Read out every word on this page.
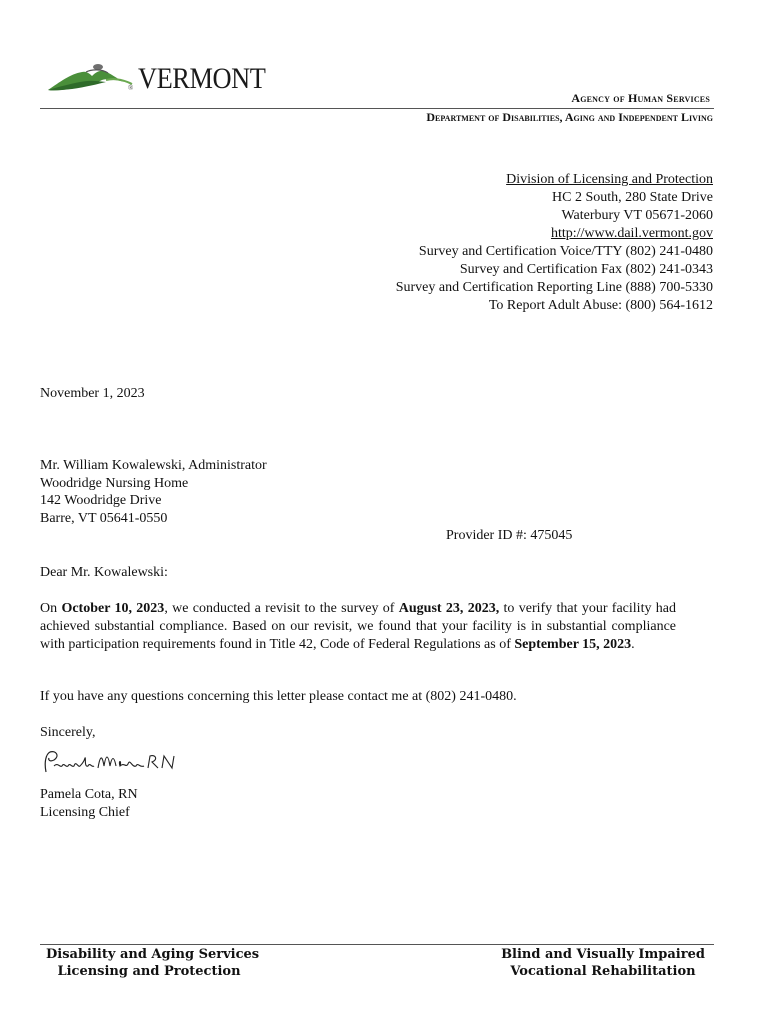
® VERMONT
Agency of Human Services
Department of Disabilities, Aging and Independent Living
Division of Licensing and Protection
HC 2 South, 280 State Drive
Waterbury VT 05671-2060
http://www.dail.vermont.gov
Survey and Certification Voice/TTY (802) 241-0480
Survey and Certification Fax (802) 241-0343
Survey and Certification Reporting Line (888) 700-5330
To Report Adult Abuse: (800) 564-1612
November 1, 2023
Mr. William Kowalewski, Administrator
Woodridge Nursing Home
142 Woodridge Drive
Barre, VT 05641-0550
Provider ID #: 475045
Dear Mr. Kowalewski:
On October 10, 2023, we conducted a revisit to the survey of August 23, 2023, to verify that your facility had achieved substantial compliance. Based on our revisit, we found that your facility is in substantial compliance with participation requirements found in Title 42, Code of Federal Regulations as of September 15, 2023.
If you have any questions concerning this letter please contact me at (802) 241-0480.
Sincerely,
Pamela Cota, RN
Licensing Chief
Disability and Aging Services
Licensing and Protection
Blind and Visually Impaired
Vocational Rehabilitation
